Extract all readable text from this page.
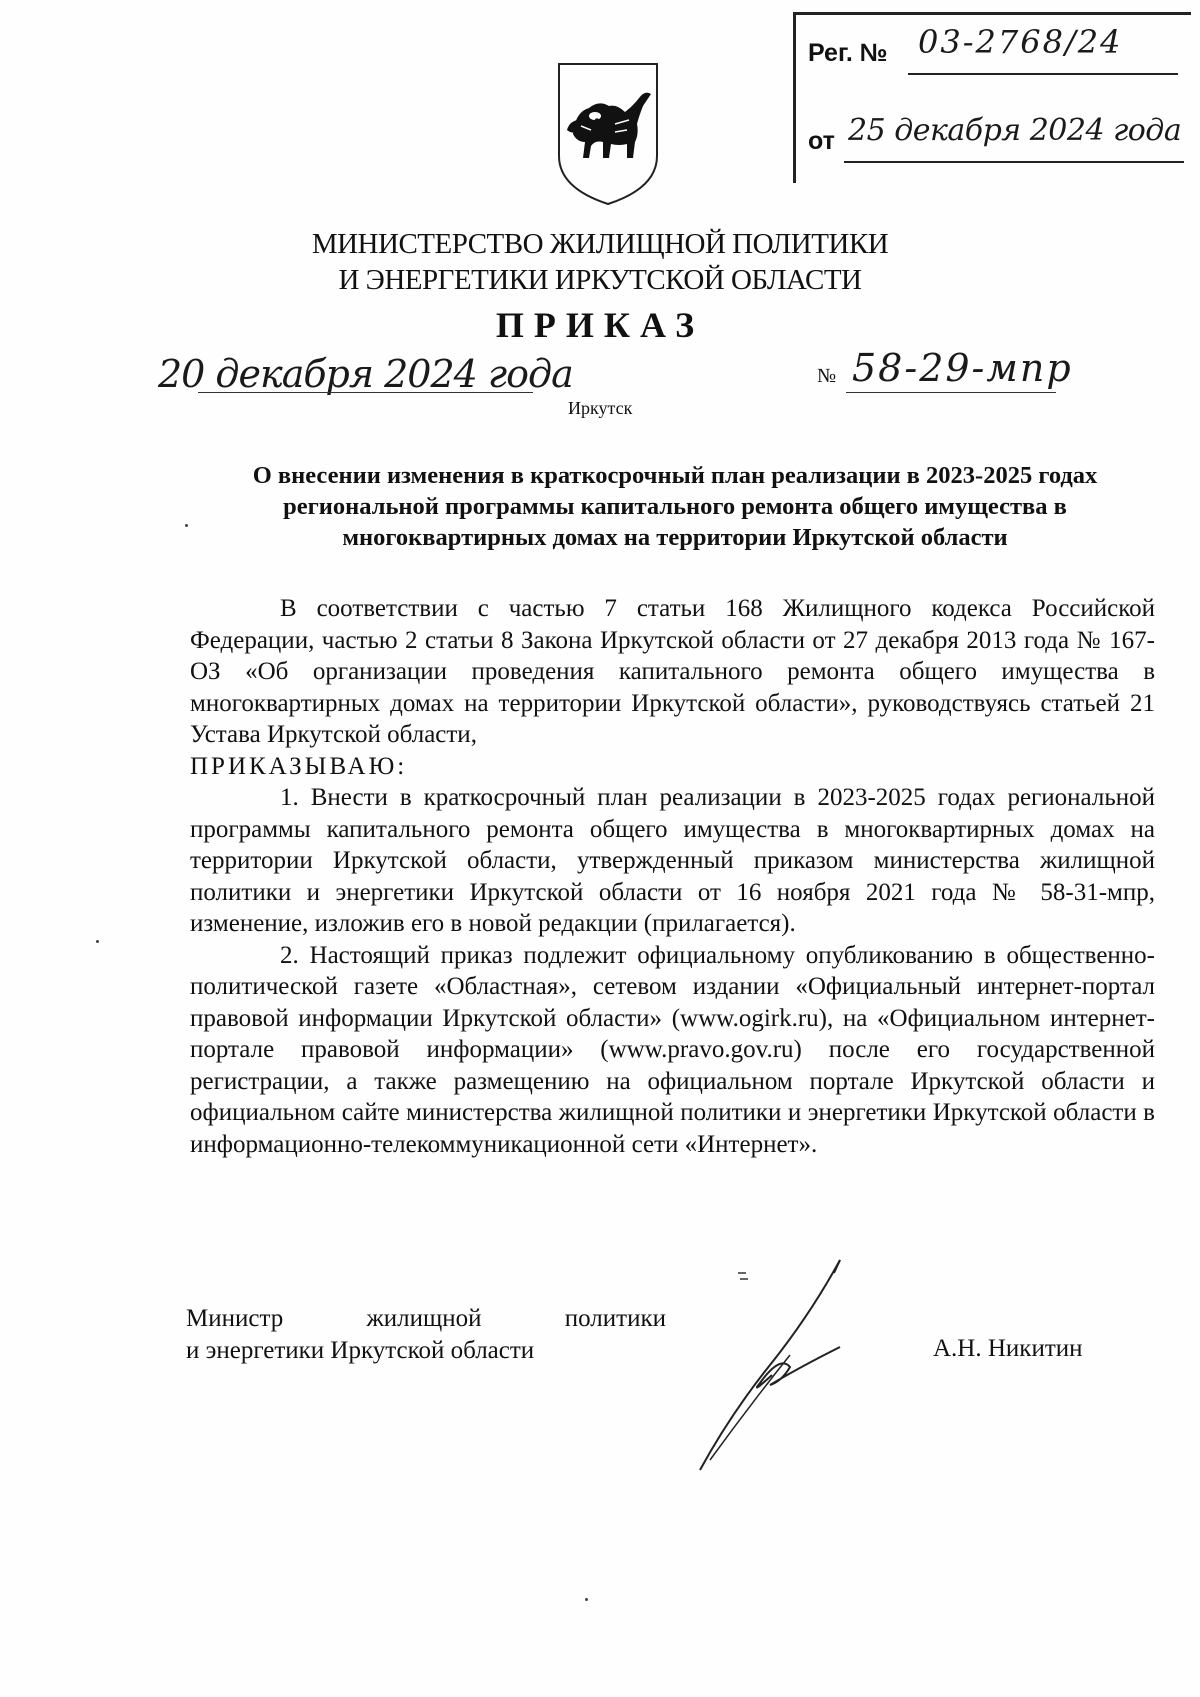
Рег. № 03-2768/24
от 25 декабря 2024 года
МИНИСТЕРСТВО ЖИЛИЩНОЙ ПОЛИТИКИ
И ЭНЕРГЕТИКИ ИРКУТСКОЙ ОБЛАСТИ
ПРИКАЗ
20 декабря 2024 года	№ 58-29-мпр
Иркутск
О внесении изменения в краткосрочный план реализации в 2023-2025 годах региональной программы капитального ремонта общего имущества в многоквартирных домах на территории Иркутской области

В соответствии с частью 7 статьи 168 Жилищного кодекса Российской Федерации, частью 2 статьи 8 Закона Иркутской области от 27 декабря 2013 года № 167-ОЗ «Об организации проведения капитального ремонта общего имущества в многоквартирных домах на территории Иркутской области», руководствуясь статьей 21 Устава Иркутской области,

ПРИКАЗЫВАЮ:

1. Внести в краткосрочный план реализации в 2023-2025 годах региональной программы капитального ремонта общего имущества в многоквартирных домах на территории Иркутской области, утвержденный приказом министерства жилищной политики и энергетики Иркутской области от 16 ноября 2021 года № 58-31-мпр, изменение, изложив его в новой редакции (прилагается).

2. Настоящий приказ подлежит официальному опубликованию в общественно-политической газете «Областная», сетевом издании «Официальный интернет-портал правовой информации Иркутской области» (www.ogirk.ru), на «Официальном интернет-портале правовой информации» (www.pravo.gov.ru) после его государственной регистрации, а также размещению на официальном портале Иркутской области и официальном сайте министерства жилищной политики и энергетики Иркутской области в информационно-телекоммуникационной сети «Интернет».

Министр	жилищной	политики
и энергетики Иркутской области	А.Н. Никитин
